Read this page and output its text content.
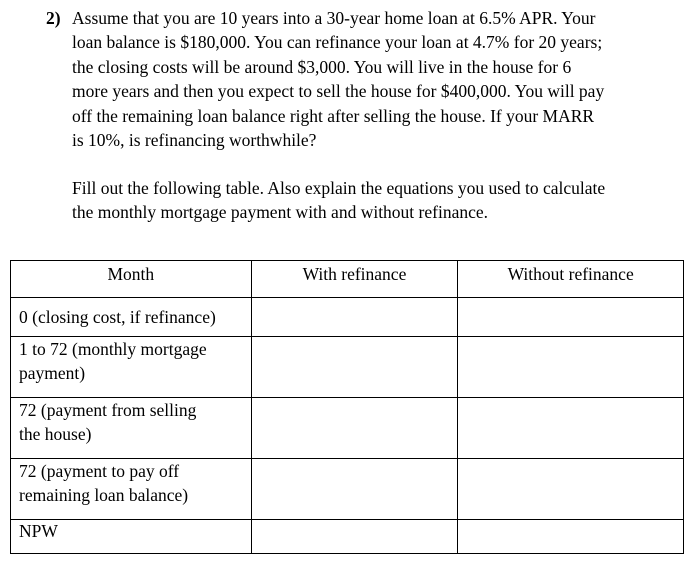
2) Assume that you are 10 years into a 30-year home loan at 6.5% APR. Your
loan balance is $180,000. You can refinance your loan at 4.7% for 20 years;
the closing costs will be around $3,000. You will live in the house for 6
more years and then you expect to sell the house for $400,000. You will pay
off the remaining loan balance right after selling the house. If your MARR
is 10%, is refinancing worthwhile?
Fill out the following table. Also explain the equations you used to calculate
the monthly mortgage payment with and without refinance.
Month	With refinance	Without refinance

0 (closing cost, if refinance)		

1 to 72 (monthly mortgage
payment)		

72 (payment from selling
the house)		

72 (payment to pay off
remaining loan balance)		

NPW		
